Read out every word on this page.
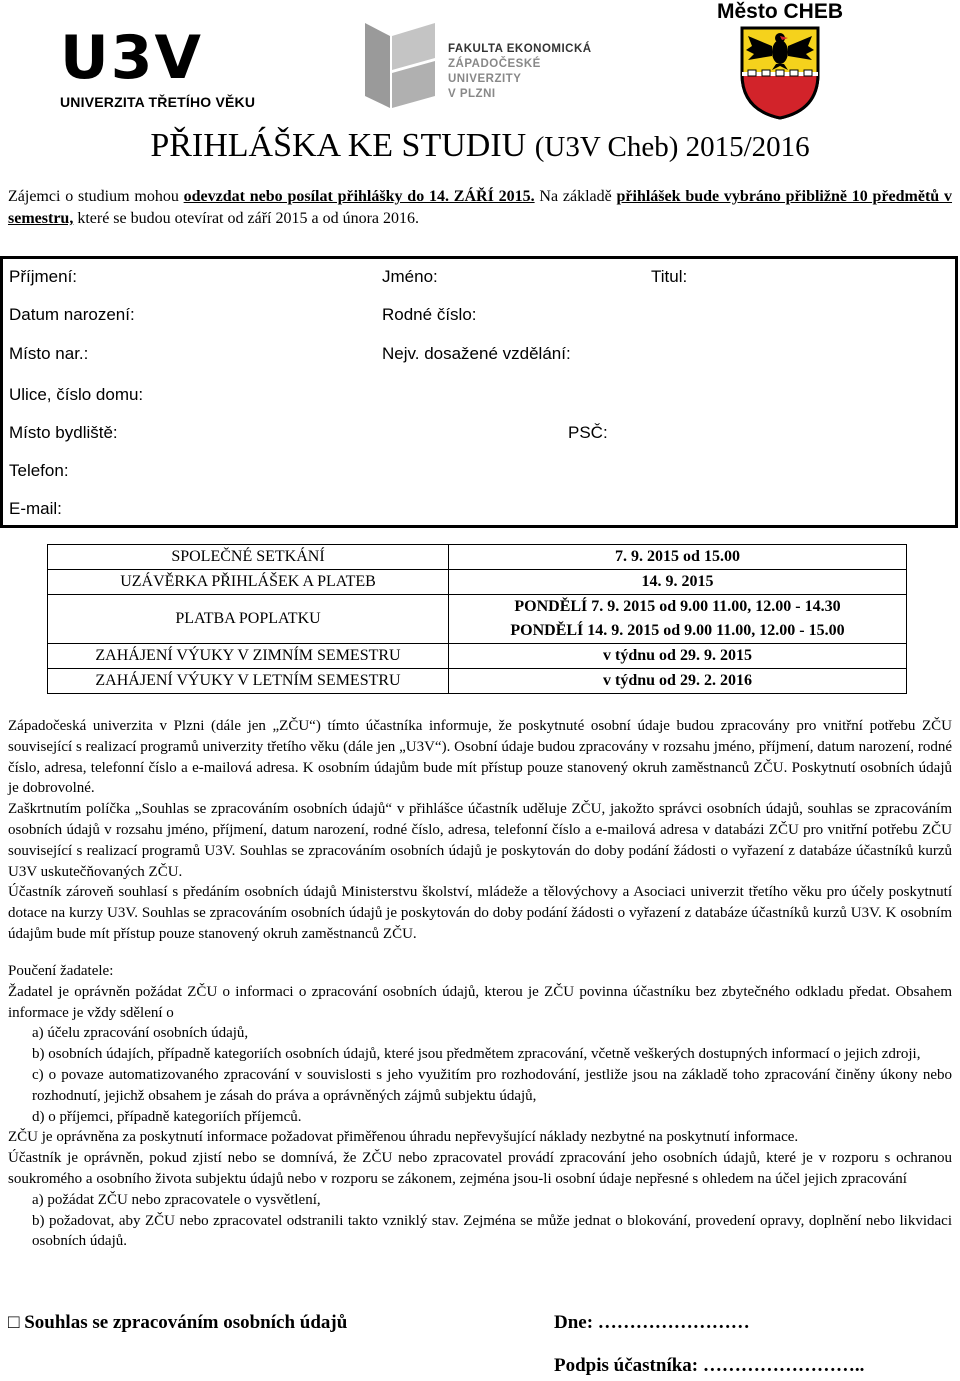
U3V
UNIVERZITA TŘETÍHO VĚKU
FAKULTA EKONOMICKÁ
ZÁPADOČESKÉ
UNIVERZITY
V PLZNI
Město CHEB
PŘIHLÁŠKA KE STUDIU (U3V Cheb) 2015/2016
Zájemci o studium mohou odevzdat nebo posílat přihlášky do 14. ZÁŘÍ 2015. Na základě přihlášek bude vybráno přibližně 10 předmětů v semestru, které se budou otevírat od září 2015 a od února 2016.
Příjmení:	Jméno:	Titul:
Datum narození:	Rodné číslo:
Místo nar.:	Nejv. dosažené vzdělání:
Ulice, číslo domu:
Místo bydliště:	PSČ:
Telefon:
E-mail:
SPOLEČNÉ SETKÁNÍ	7. 9. 2015 od 15.00
UZÁVĚRKA PŘIHLÁŠEK A PLATEB	14. 9. 2015
PLATBA POPLATKU	PONDĚLÍ 7. 9. 2015 od 9.00 11.00, 12.00 - 14.30
PONDĚLÍ 14. 9. 2015 od 9.00 11.00, 12.00 - 15.00

ZAHÁJENÍ VÝUKY V ZIMNÍM SEMESTRU	v týdnu od 29. 9. 2015
ZAHÁJENÍ VÝUKY V LETNÍM SEMESTRU	v týdnu od 29. 2. 2016

Západočeská univerzita v Plzni (dále jen „ZČU“) tímto účastníka informuje, že poskytnuté osobní údaje budou zpracovány pro vnitřní potřebu ZČU související s realizací programů univerzity třetího věku (dále jen „U3V“). Osobní údaje budou zpracovány v rozsahu jméno, příjmení, datum narození, rodné číslo, adresa, telefonní číslo a e-mailová adresa. K osobním údajům bude mít přístup pouze stanovený okruh zaměstnanců ZČU. Poskytnutí osobních údajů je dobrovolné.

Zaškrtnutím políčka „Souhlas se zpracováním osobních údajů“ v přihlášce účastník uděluje ZČU, jakožto správci osobních údajů, souhlas se zpracováním osobních údajů v rozsahu jméno, příjmení, datum narození, rodné číslo, adresa, telefonní číslo a e-mailová adresa v databázi ZČU pro vnitřní potřebu ZČU související s realizací programů U3V. Souhlas se zpracováním osobních údajů je poskytován do doby podání žádosti o vyřazení z databáze účastníků kurzů U3V uskutečňovaných ZČU.

Účastník zároveň souhlasí s předáním osobních údajů Ministerstvu školství, mládeže a tělovýchovy a Asociaci univerzit třetího věku pro účely poskytnutí dotace na kurzy U3V. Souhlas se zpracováním osobních údajů je poskytován do doby podání žádosti o vyřazení z databáze účastníků kurzů U3V. K osobním údajům bude mít přístup pouze stanovený okruh zaměstnanců ZČU.

Poučení žadatele:

Žadatel je oprávněn požádat ZČU o informaci o zpracování osobních údajů, kterou je ZČU povinna účastníku bez zbytečného odkladu předat. Obsahem informace je vždy sdělení o

a) účelu zpracování osobních údajů,

b) osobních údajích, případně kategoriích osobních údajů, které jsou předmětem zpracování, včetně veškerých dostupných informací o jejich zdroji,

c) o povaze automatizovaného zpracování v souvislosti s jeho využitím pro rozhodování, jestliže jsou na základě toho zpracování činěny úkony nebo rozhodnutí, jejichž obsahem je zásah do práva a oprávněných zájmů subjektu údajů,

d) o příjemci, případně kategoriích příjemců.

ZČU je oprávněna za poskytnutí informace požadovat přiměřenou úhradu nepřevyšující náklady nezbytné na poskytnutí informace.

Účastník je oprávněn, pokud zjistí nebo se domnívá, že ZČU nebo zpracovatel provádí zpracování jeho osobních údajů, které je v rozporu s ochranou soukromého a osobního života subjektu údajů nebo v rozporu se zákonem, zejména jsou-li osobní údaje nepřesné s ohledem na účel jejich zpracování

a) požádat ZČU nebo zpracovatele o vysvětlení,

b) požadovat, aby ZČU nebo zpracovatel odstranili takto vzniklý stav. Zejména se může jednat o blokování, provedení opravy, doplnění nebo likvidaci osobních údajů.

□ Souhlas se zpracováním osobních údajů	Dne: ……………………
Podpis účastníka: ……………………..
